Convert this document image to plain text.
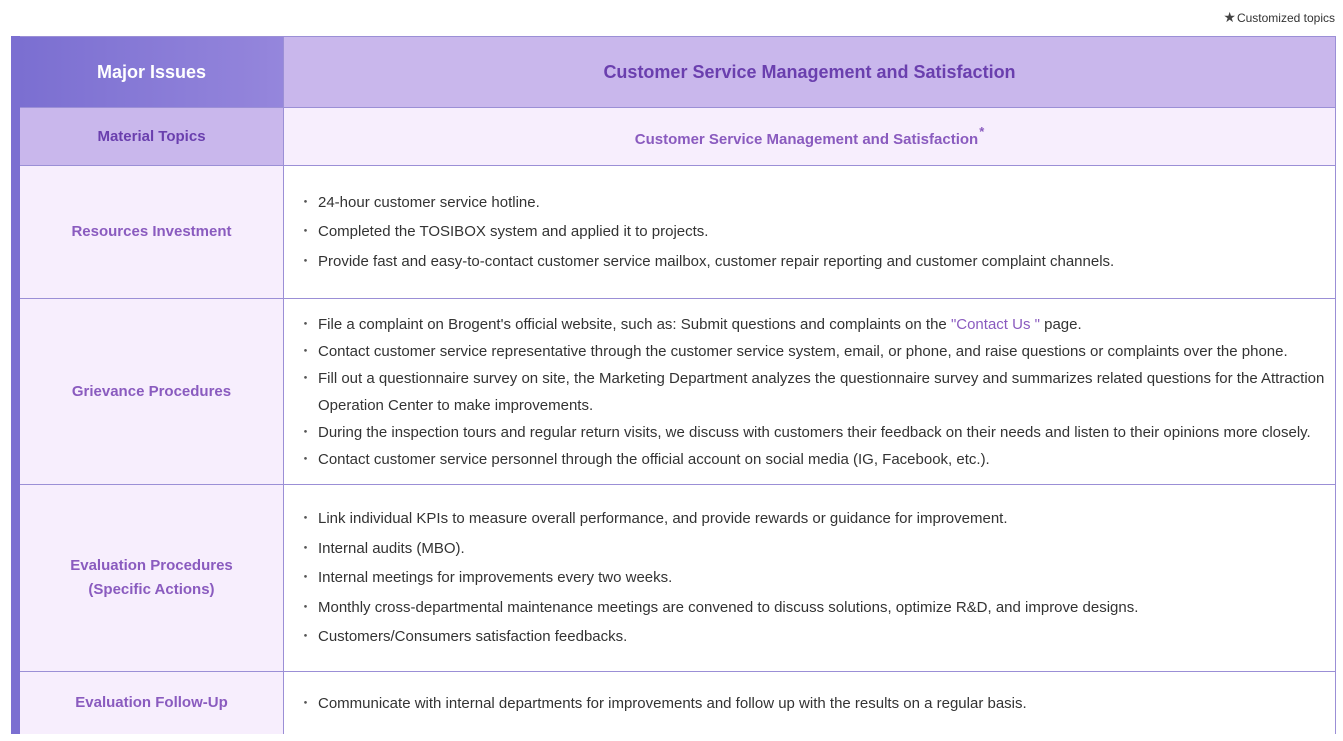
★Customized topics
Major Issues	Customer Service Management and Satisfaction
Material Topics	Customer Service Management and Satisfaction*
Resources Investment
・ 24-hour customer service hotline.
・ Completed the TOSIBOX system and applied it to projects.
・ Provide fast and easy-to-contact customer service mailbox, customer repair reporting and customer complaint channels.
Grievance Procedures
・ File a complaint on Brogent's official website, such as: Submit questions and complaints on the "Contact Us " page.
・ Contact customer service representative through the customer service system, email, or phone, and raise questions or complaints over the phone.
・ Fill out a questionnaire survey on site, the Marketing Department analyzes the questionnaire survey and summarizes related questions for the Attraction Operation Center to make improvements.
・ During the inspection tours and regular return visits, we discuss with customers their feedback on their needs and listen to their opinions more closely.
・ Contact customer service personnel through the official account on social media (IG, Facebook, etc.).
Evaluation Procedures
(Specific Actions)
・ Link individual KPIs to measure overall performance, and provide rewards or guidance for improvement.
・ Internal audits (MBO).
・ Internal meetings for improvements every two weeks.
・ Monthly cross-departmental maintenance meetings are convened to discuss solutions, optimize R&D, and improve designs.
・ Customers/Consumers satisfaction feedbacks.
Evaluation Follow-Up
・	Communicate with internal departments for improvements and follow up with the results on a regular basis.
